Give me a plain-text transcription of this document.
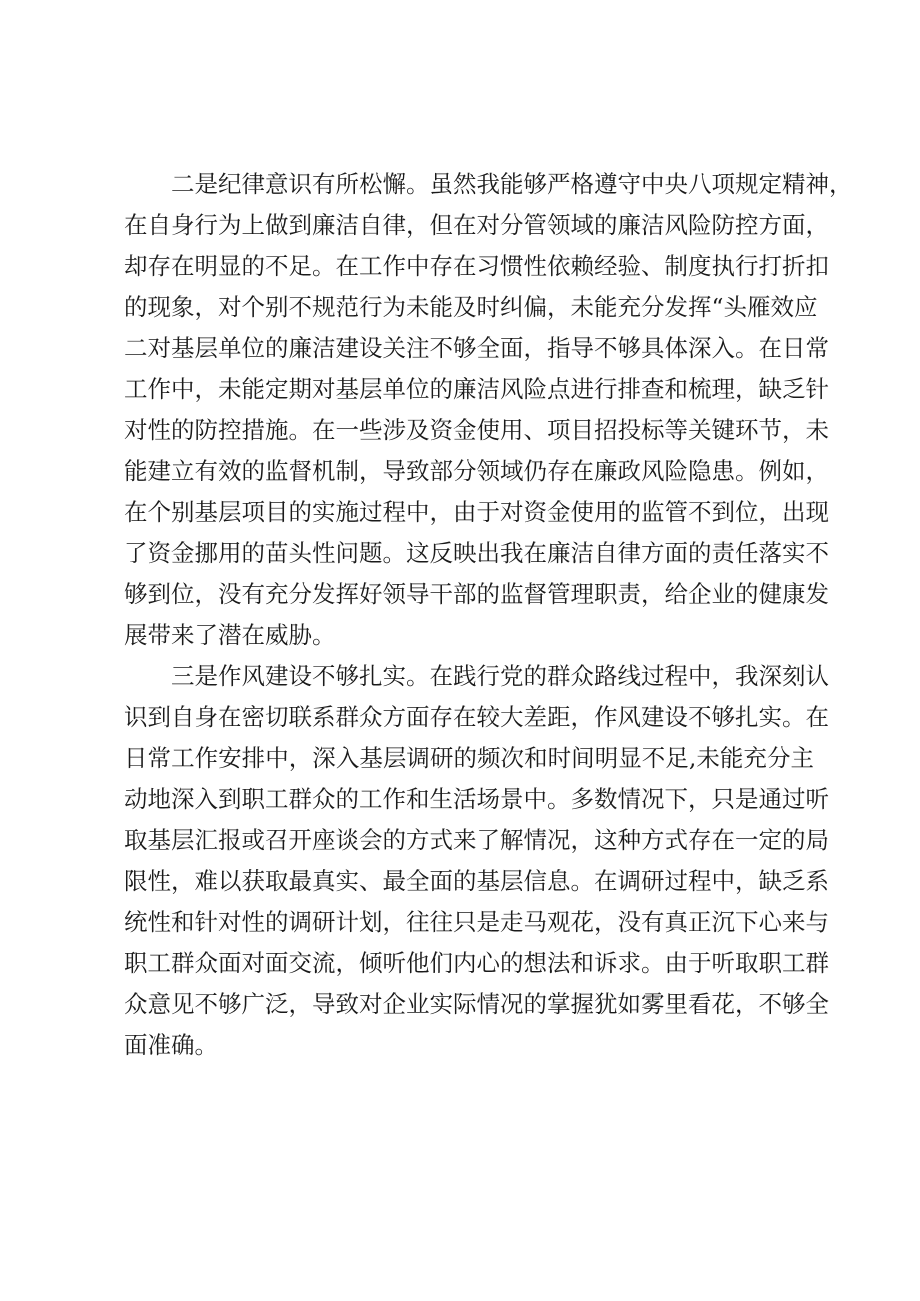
二是纪律意识有所松懈。虽然我能够严格遵守中央八项规定精神，
在自身行为上做到廉洁自律，但在对分管领域的廉洁风险防控方面，
却存在明显的不足。在工作中存在习惯性依赖经验、制度执行打折扣
的现象，对个别不规范行为未能及时纠偏，未能充分发挥“头雁效应
二对基层单位的廉洁建设关注不够全面，指导不够具体深入。在日常
工作中，未能定期对基层单位的廉洁风险点进行排查和梳理，缺乏针
对性的防控措施。在一些涉及资金使用、项目招投标等关键环节，未
能建立有效的监督机制，导致部分领域仍存在廉政风险隐患。例如，
在个别基层项目的实施过程中，由于对资金使用的监管不到位，出现
了资金挪用的苗头性问题。这反映出我在廉洁自律方面的责任落实不
够到位，没有充分发挥好领导干部的监督管理职责，给企业的健康发
展带来了潜在威胁。
三是作风建设不够扎实。在践行党的群众路线过程中，我深刻认
识到自身在密切联系群众方面存在较大差距，作风建设不够扎实。在
日常工作安排中，深入基层调研的频次和时间明显不足,未能充分主
动地深入到职工群众的工作和生活场景中。多数情况下，只是通过听
取基层汇报或召开座谈会的方式来了解情况，这种方式存在一定的局
限性，难以获取最真实、最全面的基层信息。在调研过程中，缺乏系
统性和针对性的调研计划，往往只是走马观花，没有真正沉下心来与
职工群众面对面交流，倾听他们内心的想法和诉求。由于听取职工群
众意见不够广泛，导致对企业实际情况的掌握犹如雾里看花，不够全
面准确。
